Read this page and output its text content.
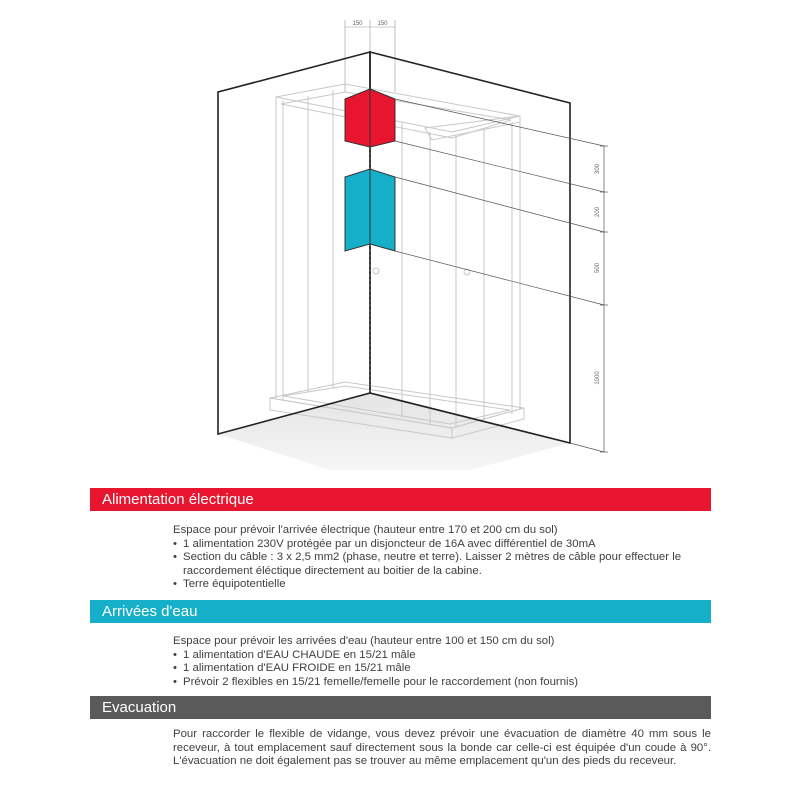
150 150
300
200
500
1000
Alimentation électrique

Espace pour prévoir l'arrivée électrique (hauteur entre 170 et 200 cm du sol)

• 1 alimentation 230V protégée par un disjoncteur de 16A avec différentiel de 30mA
• Section du câble : 3 x 2,5 mm2 (phase, neutre et terre). Laisser 2 mètres de câble pour effectuer le raccordement éléctique directement au boitier de la cabine.
• Terre équipotentielle
Arrivées d'eau

Espace pour prévoir les arrivées d'eau (hauteur entre 100 et 150 cm du sol)

• 1 alimentation d'EAU CHAUDE en 15/21 mâle
• 1 alimentation d'EAU FROIDE en 15/21 mâle
• Prévoir 2 flexibles en 15/21 femelle/femelle pour le raccordement (non fournis)
Evacuation

Pour raccorder le flexible de vidange, vous devez prévoir une évacuation de diamètre 40 mm sous le receveur, à tout emplacement sauf directement sous la bonde car celle-ci est équipée d'un coude à 90°. L'évacuation ne doit également pas se trouver au même emplacement qu'un des pieds du receveur.
